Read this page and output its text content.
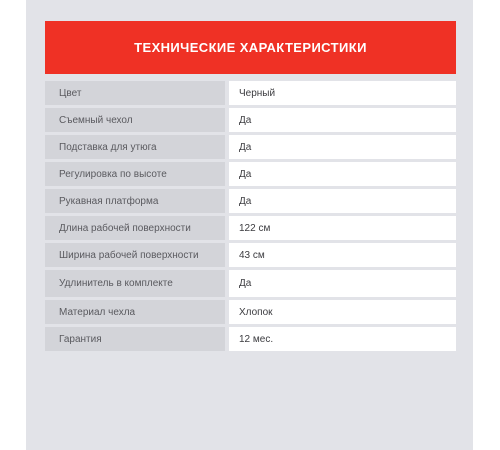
ТЕХНИЧЕСКИЕ ХАРАКТЕРИСТИКИ
Цвет	Черный
Съемный чехол	Да
Подставка для утюга	Да
Регулировка по высоте	Да
Рукавная платформа	Да
Длина рабочей поверхности	122 см
Ширина рабочей поверхности	43 см
Удлинитель в комплекте	Да
Материал чехла	Хлопок
Гарантия	12 мес.
